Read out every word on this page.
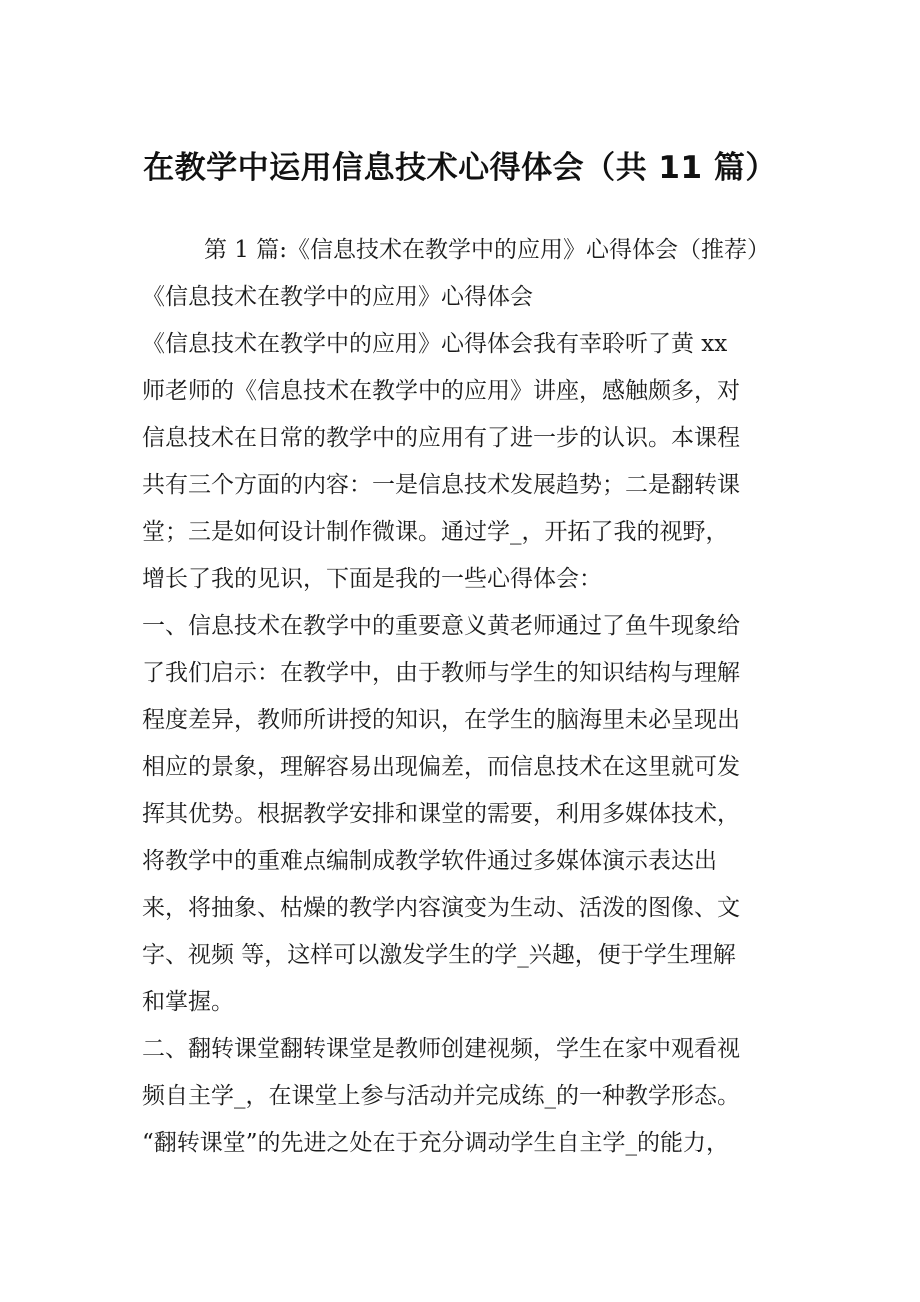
在教学中运用信息技术心得体会（共 11 篇）
第 1 篇:《信息技术在教学中的应用》心得体会（推荐）
《信息技术在教学中的应用》心得体会
《信息技术在教学中的应用》心得体会我有幸聆听了黄 xx
师老师的《信息技术在教学中的应用》讲座，感触颇多，对
信息技术在日常的教学中的应用有了进一步的认识。本课程
共有三个方面的内容：一是信息技术发展趋势；二是翻转课
堂；三是如何设计制作微课。通过学_，开拓了我的视野，
增长了我的见识，下面是我的一些心得体会：
一、信息技术在教学中的重要意义黄老师通过了鱼牛现象给
了我们启示：在教学中，由于教师与学生的知识结构与理解
程度差异，教师所讲授的知识，在学生的脑海里未必呈现出
相应的景象，理解容易出现偏差，而信息技术在这里就可发
挥其优势。根据教学安排和课堂的需要，利用多媒体技术，
将教学中的重难点编制成教学软件通过多媒体演示表达出
来，将抽象、枯燥的教学内容演变为生动、活泼的图像、文
字、视频 等，这样可以激发学生的学_兴趣，便于学生理解
和掌握。
二、翻转课堂翻转课堂是教师创建视频，学生在家中观看视
频自主学_，在课堂上参与活动并完成练_的一种教学形态。
“翻转课堂”的先进之处在于充分调动学生自主学_的能力，
